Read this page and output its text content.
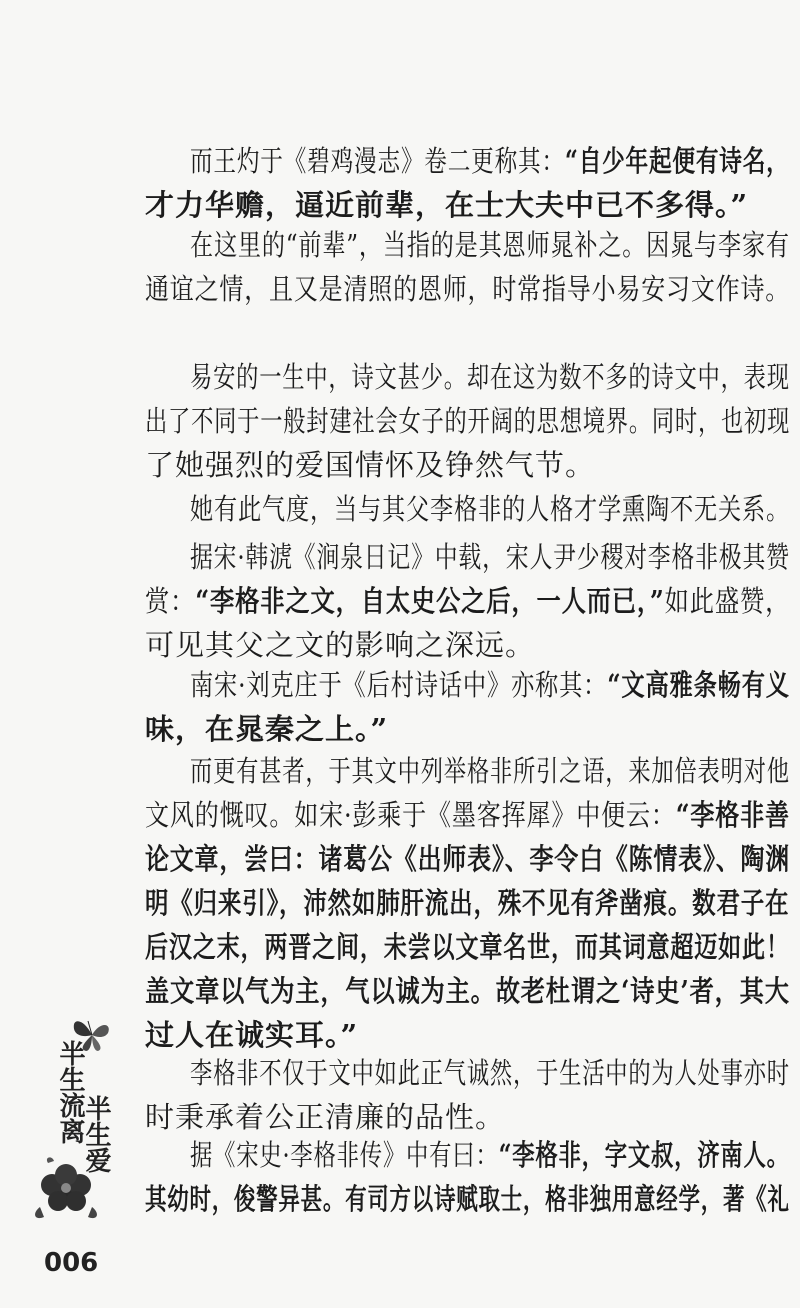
而王灼于《碧鸡漫志》卷二更称其：“自少年起便有诗名，
才力华赡，逼近前辈，在士大夫中已不多得。”
在这里的“前辈”，当指的是其恩师晁补之。因晁与李家有
通谊之情，且又是清照的恩师，时常指导小易安习文作诗。
易安的一生中，诗文甚少。却在这为数不多的诗文中，表现
出了不同于一般封建社会女子的开阔的思想境界。同时，也初现
了她强烈的爱国情怀及铮然气节。
她有此气度，当与其父李格非的人格才学熏陶不无关系。
据宋·韩淲《涧泉日记》中载，宋人尹少稷对李格非极其赞
赏：“李格非之文，自太史公之后，一人而已，”如此盛赞，
可见其父之文的影响之深远。
南宋·刘克庄于《后村诗话中》亦称其：“文高雅条畅有义
味，在晁秦之上。”
而更有甚者，于其文中列举格非所引之语，来加倍表明对他
文风的慨叹。如宋·彭乘于《墨客挥犀》中便云：“李格非善
论文章，尝曰：诸葛公《出师表》、李令白《陈情表》、陶渊
明《归来引》，沛然如肺肝流出，殊不见有斧凿痕。数君子在
后汉之末，两晋之间，未尝以文章名世，而其词意超迈如此！
盖文章以气为主，气以诚为主。故老杜谓之‘诗史’者，其大
过人在诚实耳。”
李格非不仅于文中如此正气诚然，于生活中的为人处事亦时
时秉承着公正清廉的品性。
据《宋史·李格非传》中有曰：“李格非，字文叔，济南人。
其幼时，俊警异甚。有司方以诗赋取士，格非独用意经学，著《礼
半生流离
半生爱
006
